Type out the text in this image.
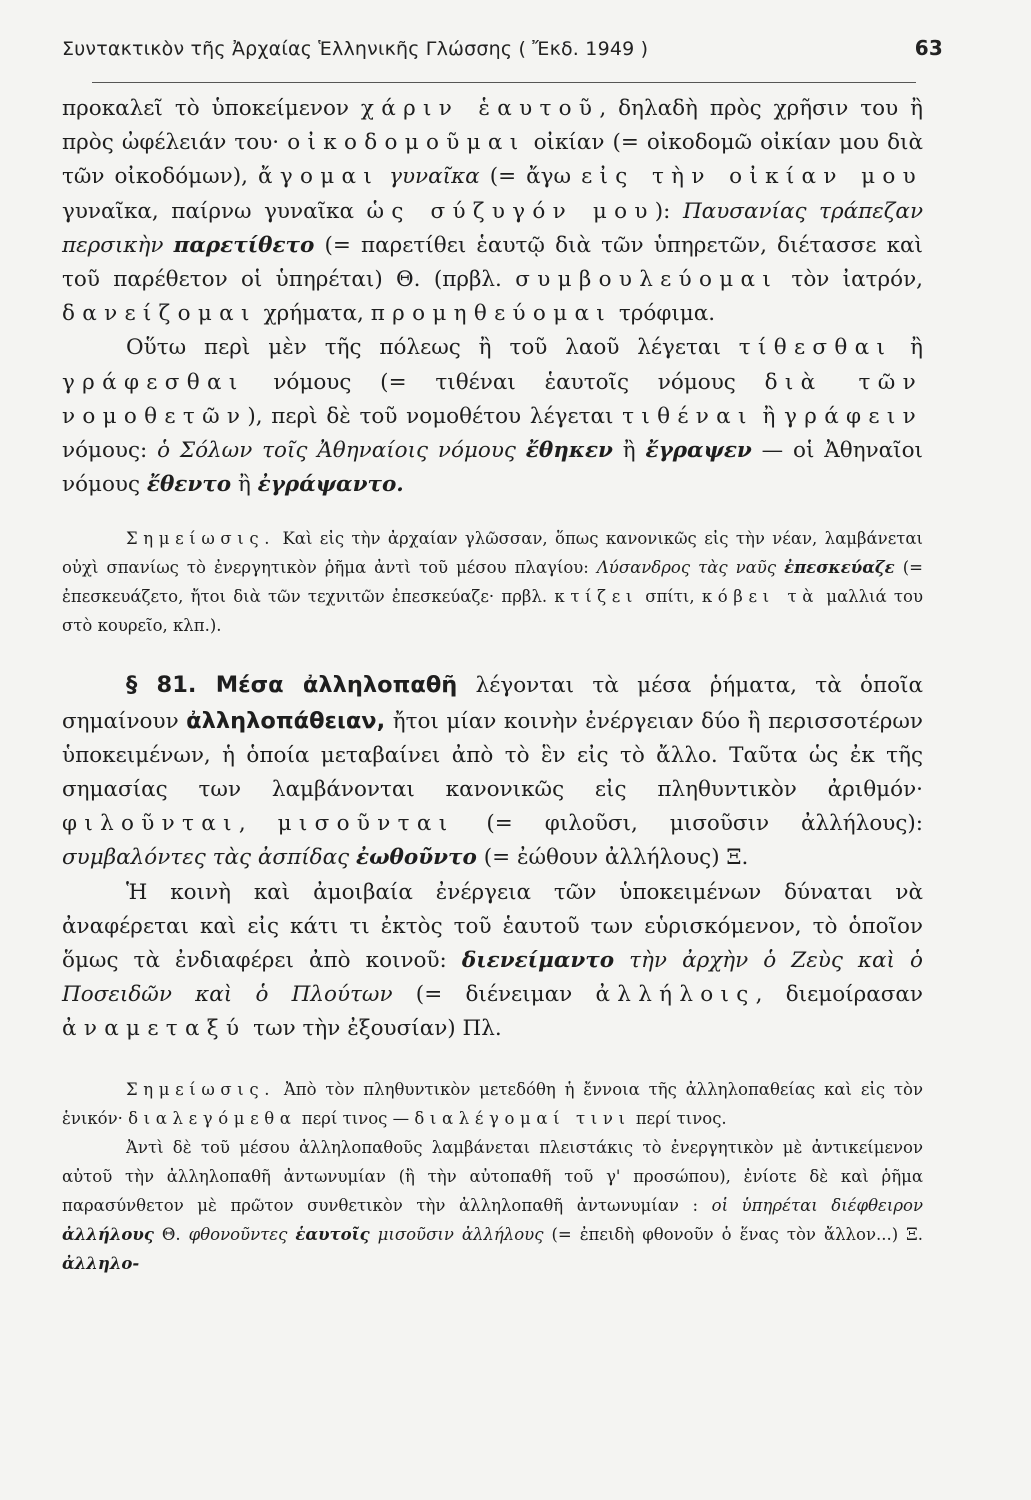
Συντακτικὸν τῆς Ἀρχαίας Ἑλληνικῆς Γλώσσης ( Ἔκδ. 1949 )	63

προκαλεῖ τὸ ὑποκείμενον χάριν ἑαυτοῦ, δηλαδὴ πρὸς χρῆσιν του ἢ πρὸς ὠφέλειάν του· οἰκοδομοῦμαι οἰκίαν (= οἰκοδομῶ οἰκίαν μου διὰ τῶν οἰκοδόμων), ἄγομαι γυναῖκα (= ἄγω εἰς τὴν οἰκίαν μου γυναῖκα, παίρνω γυναῖκα ὡς σύζυγόν μου): Παυσανίας τράπεζαν περσικὴν παρετίθετο (= παρετίθει ἑαυτῷ διὰ τῶν ὑπηρετῶν, διέτασσε καὶ τοῦ παρέθετον οἱ ὑπηρέται) Θ. (πρβλ. συμβουλεύομαι τὸν ἰατρόν, δανείζομαι χρήματα, προμηθεύομαι τρόφιμα.

Οὕτω περὶ μὲν τῆς πόλεως ἢ τοῦ λαοῦ λέγεται τίθεσθαι ἢ γράφεσθαι νόμους (= τιθέναι ἑαυτοῖς νόμους διὰ τῶν νομοθετῶν), περὶ δὲ τοῦ νομοθέτου λέγεται τιθέναι ἢ γράφειν νόμους: ὁ Σόλων τοῖς Ἀθηναίοις νόμους ἔθηκεν ἢ ἔγραψεν — οἱ Ἀθηναῖοι νόμους ἔθεντο ἢ ἐγράψαντο.

Σημείωσις. Καὶ εἰς τὴν ἀρχαίαν γλῶσσαν, ὅπως κανονικῶς εἰς τὴν νέαν, λαμβάνεται οὐχὶ σπανίως τὸ ἐνεργητικὸν ῥῆμα ἀντὶ τοῦ μέσου πλαγίου: Λύσανδρος τὰς ναῦς ἐπεσκεύαζε (= ἐπεσκευάζετο, ἤτοι διὰ τῶν τεχνιτῶν ἐπεσκεύαζε· πρβλ. κτίζει σπίτι, κόβει τὰ μαλλιά του στὸ κουρεῖο, κλπ.).

§ 81. Μέσα ἀλληλοπαθῆ λέγονται τὰ μέσα ῥήματα, τὰ ὁποῖα σημαίνουν ἀλληλοπάθειαν, ἤτοι μίαν κοινὴν ἐνέργειαν δύο ἢ περισσοτέρων ὑποκειμένων, ἡ ὁποία μεταβαίνει ἀπὸ τὸ ἓν εἰς τὸ ἄλλο. Ταῦτα ὡς ἐκ τῆς σημασίας των λαμβάνονται κανονικῶς εἰς πληθυντικὸν ἀριθμόν· φιλοῦνται, μισοῦνται (= φιλοῦσι, μισοῦσιν ἀλλήλους): συμβαλόντες τὰς ἀσπίδας ἐωθοῦντο (= ἐώθουν ἀλλήλους) Ξ.

Ἡ κοινὴ καὶ ἀμοιβαία ἐνέργεια τῶν ὑποκειμένων δύναται νὰ ἀναφέρεται καὶ εἰς κάτι τι ἐκτὸς τοῦ ἑαυτοῦ των εὑρισκόμενον, τὸ ὁποῖον ὅμως τὰ ἐνδιαφέρει ἀπὸ κοινοῦ: διενείμαντο τὴν ἀρχὴν ὁ Ζεὺς καὶ ὁ Ποσειδῶν καὶ ὁ Πλούτων (= διένειμαν ἀλλήλοις, διεμοίρασαν ἀναμεταξύ των τὴν ἐξουσίαν) Πλ.

Σημείωσις. Ἀπὸ τὸν πληθυντικὸν μετεδόθη ἡ ἔννοια τῆς ἀλληλοπαθείας καὶ εἰς τὸν ἑνικόν· διαλεγόμεθα περί τινος — διαλέγομαί τινι περί τινος.

Ἀντὶ δὲ τοῦ μέσου ἀλληλοπαθοῦς λαμβάνεται πλειστάκις τὸ ἐνεργητικὸν μὲ ἀντικείμενον αὐτοῦ τὴν ἀλληλοπαθῆ ἀντωνυμίαν (ἢ τὴν αὐτοπαθῆ τοῦ γ' προσώπου), ἐνίοτε δὲ καὶ ῥῆμα παρασύνθετον μὲ πρῶτον συνθετικὸν τὴν ἀλληλοπαθῆ ἀντωνυμίαν : οἱ ὑπηρέται διέφθειρον ἀλλήλους Θ. φθονοῦντες ἑαυτοῖς μισοῦσιν ἀλλήλους (= ἐπειδὴ φθονοῦν ὁ ἕνας τὸν ἄλλον...) Ξ. ἀλληλο-
